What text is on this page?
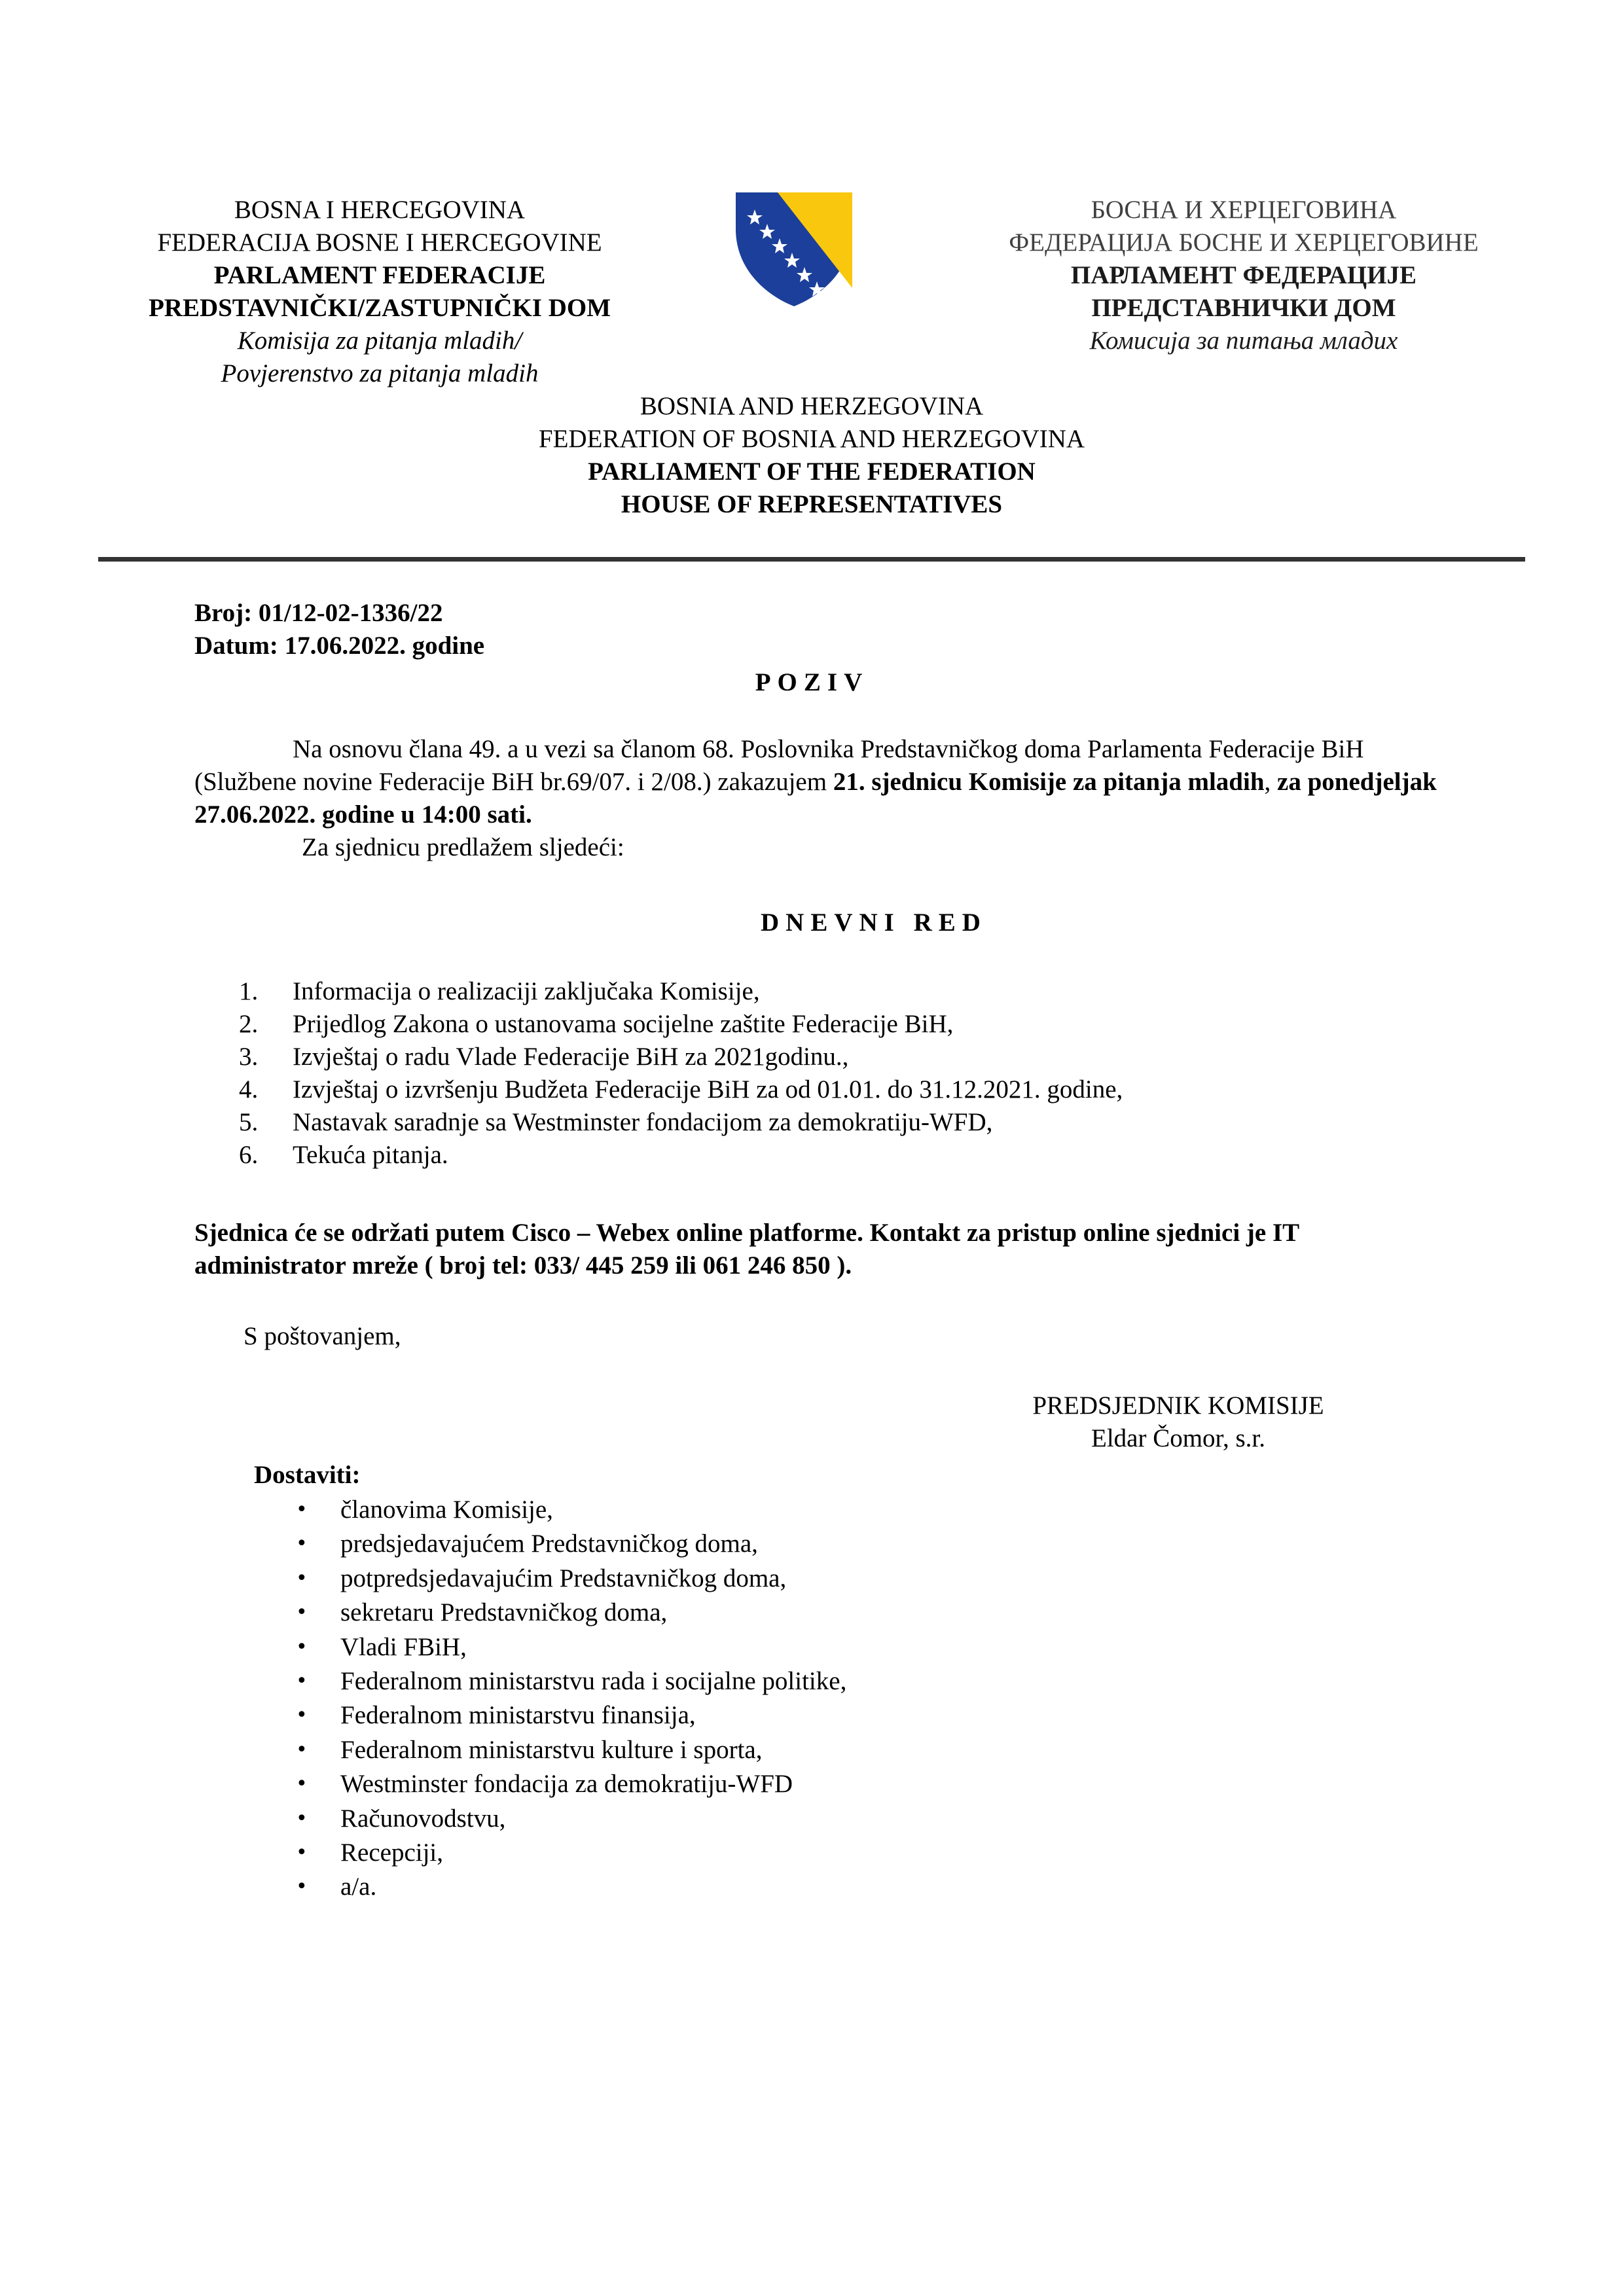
BOSNA I HERCEGOVINA
FEDERACIJA BOSNE I HERCEGOVINE
PARLAMENT FEDERACIJE
PREDSTAVNIČKI/ZASTUPNIČKI DOM
Komisija za pitanja mladih/
Povjerenstvo za pitanja mladih
БОСНА И ХЕРЦЕГОВИНА
ФЕДЕРАЦИЈА БОСНЕ И ХЕРЦЕГОВИНЕ
ПАРЛАМЕНТ ФЕДЕРАЦИЈЕ
ПРЕДСТАВНИЧКИ ДОМ
Комисија за питања младих
BOSNIA AND HERZEGOVINA
FEDERATION OF BOSNIA AND HERZEGOVINA
PARLIAMENT OF THE FEDERATION
HOUSE OF REPRESENTATIVES
Broj: 01/12-02-1336/22
Datum: 17.06.2022. godine
POZIV

Na osnovu člana 49. a u vezi sa članom 68. Poslovnika Predstavničkog doma Parlamenta Federacije BiH (Službene novine Federacije BiH br.69/07. i 2/08.) zakazujem 21. sjednicu Komisije za pitanja mladih, za ponedjeljak 27.06.2022. godine u 14:00 sati.

Za sjednicu predlažem sljedeći:

DNEVNI RED
1. Informacija o realizaciji zaključaka Komisije,
2. Prijedlog Zakona o ustanovama socijelne zaštite Federacije BiH,
3. Izvještaj o radu Vlade Federacije BiH za 2021godinu.,
4. Izvještaj o izvršenju Budžeta Federacije BiH za od 01.01. do 31.12.2021. godine,
5. Nastavak saradnje sa Westminster fondacijom za demokratiju-WFD,
6. Tekuća pitanja.
Sjednica će se održati putem Cisco – Webex online platforme. Kontakt za pristup online sjednici je IT administrator mreže ( broj tel: 033/ 445 259 ili 061 246 850 ).
S poštovanjem,
PREDSJEDNIK KOMISIJE
Eldar Čomor, s.r.
Dostaviti:
• članovima Komisije,
• predsjedavajućem Predstavničkog doma,
• potpredsjedavajućim Predstavničkog doma,
• sekretaru Predstavničkog doma,
• Vladi FBiH,
• Federalnom ministarstvu rada i socijalne politike,
• Federalnom ministarstvu finansija,
• Federalnom ministarstvu kulture i sporta,
• Westminster fondacija za demokratiju-WFD
• Računovodstvu,
• Recepciji,
• a/a.
